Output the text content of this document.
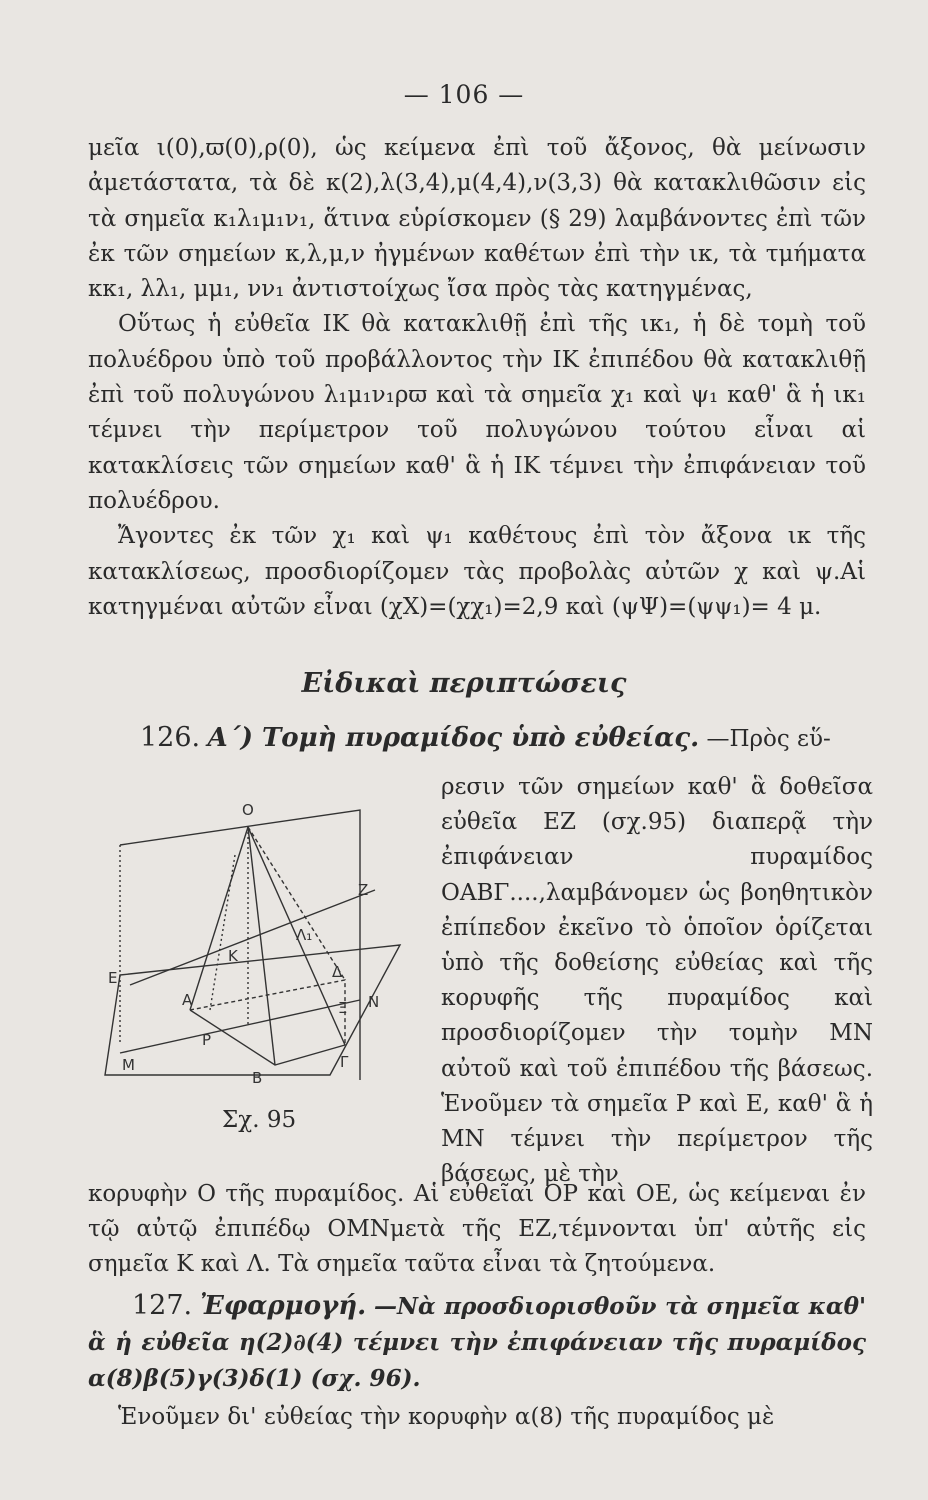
— 106 —

μεῖα ι(0),ϖ(0),ρ(0), ὡς κείμενα ἐπὶ τοῦ ἄξονος, θὰ μείνωσιν ἀμετάστατα, τὰ δὲ κ(2),λ(3,4),μ(4,4),ν(3,3) θὰ κατακλιθῶσιν εἰς τὰ σημεῖα κ₁λ₁μ₁ν₁, ἅτινα εὑρίσκομεν (§ 29) λαμβάνοντες ἐπὶ τῶν ἐκ τῶν σημείων κ,λ,μ,ν ἠγμένων καθέτων ἐπὶ τὴν ικ, τὰ τμήματα κκ₁, λλ₁, μμ₁, νν₁ ἀντιστοίχως ἴσα πρὸς τὰς κατηγμένας,

Οὕτως ἡ εὐθεῖα ΙΚ θὰ κατακλιθῇ ἐπὶ τῆς ικ₁, ἡ δὲ τομὴ τοῦ πολυέδρου ὑπὸ τοῦ προβάλλοντος τὴν ΙΚ ἐπιπέδου θὰ κατακλιθῇ ἐπὶ τοῦ πολυγώνου λ₁μ₁ν₁ρϖ καὶ τὰ σημεῖα χ₁ καὶ ψ₁ καθ' ἃ ἡ ικ₁ τέμνει τὴν περίμετρον τοῦ πολυγώνου τούτου εἶναι αἱ κατακλίσεις τῶν σημείων καθ' ἃ ἡ ΙΚ τέμνει τὴν ἐπιφάνειαν τοῦ πολυέδρου.

Ἄγοντες ἐκ τῶν χ₁ καὶ ψ₁ καθέτους ἐπὶ τὸν ἄξονα ικ τῆς κατακλίσεως, προσδιορίζομεν τὰς προβολὰς αὐτῶν χ καὶ ψ.Αἱ κατηγμέναι αὐτῶν εἶναι (χΧ)=(χχ₁)=2,9 καὶ (ψΨ)=(ψψ₁)= 4 μ.

Εἰδικαὶ περιπτώσεις
126. Α΄) Τομὴ πυραμίδος ὑπὸ εὐθείας. —Πρὸς εὕ-

ρεσιν τῶν σημείων καθ' ἃ δοθεῖσα εὐθεῖα ΕΖ (σχ.95) διαπερᾷ τὴν ἐπιφάνειαν πυραμίδος ΟΑΒΓ....,λαμβάνομεν ὡς βοηθητικὸν ἐπίπεδον ἐκεῖνο τὸ ὁποῖον ὁρίζεται ὑπὸ τῆς δοθείσης εὐθείας καὶ τῆς κορυφῆς τῆς πυραμίδος καὶ προσδιορίζομεν τὴν τομὴν ΜΝ αὐτοῦ καὶ τοῦ ἐπιπέδου τῆς βάσεως. Ἑνοῦμεν τὰ σημεῖα Ρ καὶ Ε, καθ' ἃ ἡ ΜΝ τέμνει τὴν περίμετρον τῆς βάσεως, μὲ τὴν

O
Z
E
K
Λ₁
A
Δ
Ξ N
M
P
B
Γ
Σχ. 95

κορυφὴν Ο τῆς πυραμίδος. Αἱ εὐθεῖαι ΟΡ καὶ ΟΕ, ὡς κείμεναι ἐν τῷ αὐτῷ ἐπιπέδῳ ΟΜΝμετὰ τῆς ΕΖ,τέμνονται ὑπ' αὐτῆς εἰς σημεῖα Κ καὶ Λ. Τὰ σημεῖα ταῦτα εἶναι τὰ ζητούμενα.

127. Ἐφαρμογή. —Νὰ προσδιορισθοῦν τὰ σημεῖα καθ' ἃ ἡ εὐθεῖα η(2)∂(4) τέμνει τὴν ἐπιφάνειαν τῆς πυραμίδος α(8)β(5)γ(3)δ(1) (σχ. 96).

Ἑνοῦμεν δι' εὐθείας τὴν κορυφὴν α(8) τῆς πυραμίδος μὲ
